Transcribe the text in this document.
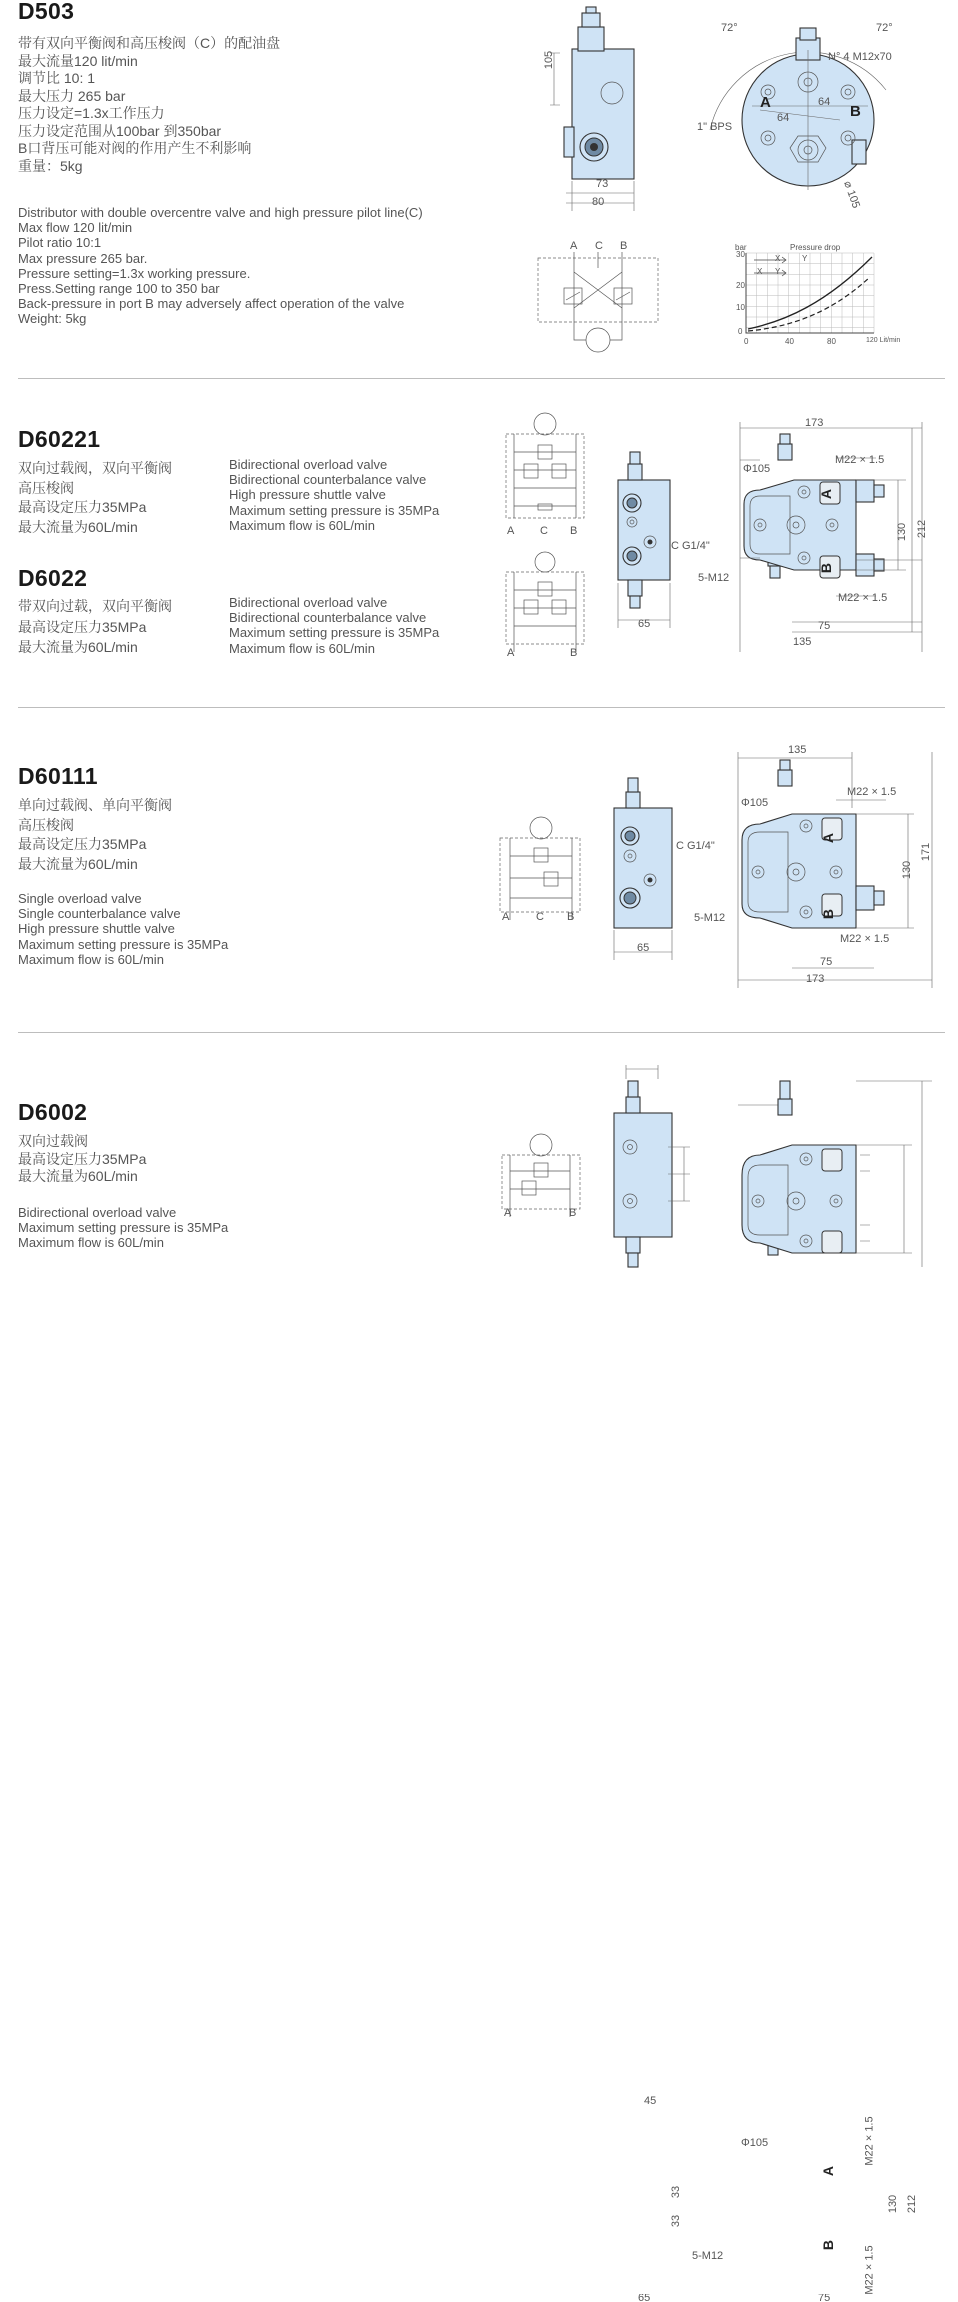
D503
带有双向平衡阀和高压梭阀（C）的配油盘
最大流量120 lit/min
调节比 10: 1
最大压力 265 bar
压力设定=1.3x工作压力
压力设定范围从100bar 到350bar
B口背压可能对阀的作用产生不利影响
重量：5kg
Distributor with double overcentre valve and high pressure pilot line(C)
Max flow 120 lit/min
Pilot ratio 10:1
Max pressure 265 bar.
Pressure setting=1.3x working pressure.
Press.Setting range 100 to 350 bar
Back-pressure in port B may adversely affect operation of the valve
Weight: 5kg
105
73
80
72°	72°
N° 4 M12x70
1" BPS
64
64
⌀ 105
A
B
A C B	bar	Pressure drop
30
20
10
0
0	40	80	120 Lit/min
X	Y
X Y
D60221
双向过载阀，双向平衡阀
高压梭阀
最高设定压力35MPa
最大流量为60L/min
Bidirectional overload valve
Bidirectional counterbalance valve
High pressure shuttle valve
Maximum setting pressure is 35MPa
Maximum flow is 60L/min
D6022
带双向过载，双向平衡阀
最高设定压力35MPa
最大流量为60L/min
Bidirectional overload valve
Bidirectional counterbalance valve
Maximum setting pressure is 35MPa
Maximum flow is 60L/min
A C B
A	B
C G1/4"
65
A
B
173
Φ105
M22 × 1.5
M22 × 1.5
130 212
5-M12
75
135
D60111
单向过载阀、单向平衡阀
高压梭阀
最高设定压力35MPa
最大流量为60L/min
Single overload valve
Single counterbalance valve
High pressure shuttle valve
Maximum setting pressure is 35MPa
Maximum flow is 60L/min
A C B
C G1/4"
65
A
B
135
Φ105
M22 × 1.5
M22 × 1.5
130
171
5-M12
75
173
D6002
双向过载阀
最高设定压力35MPa
最大流量为60L/min
Bidirectional overload valve
Maximum setting pressure is 35MPa
Maximum flow is 60L/min
A	B
45
33
33
65
A
B
Φ105	M22 × 1.5
M22 × 1.5
130 212
5-M12
75
